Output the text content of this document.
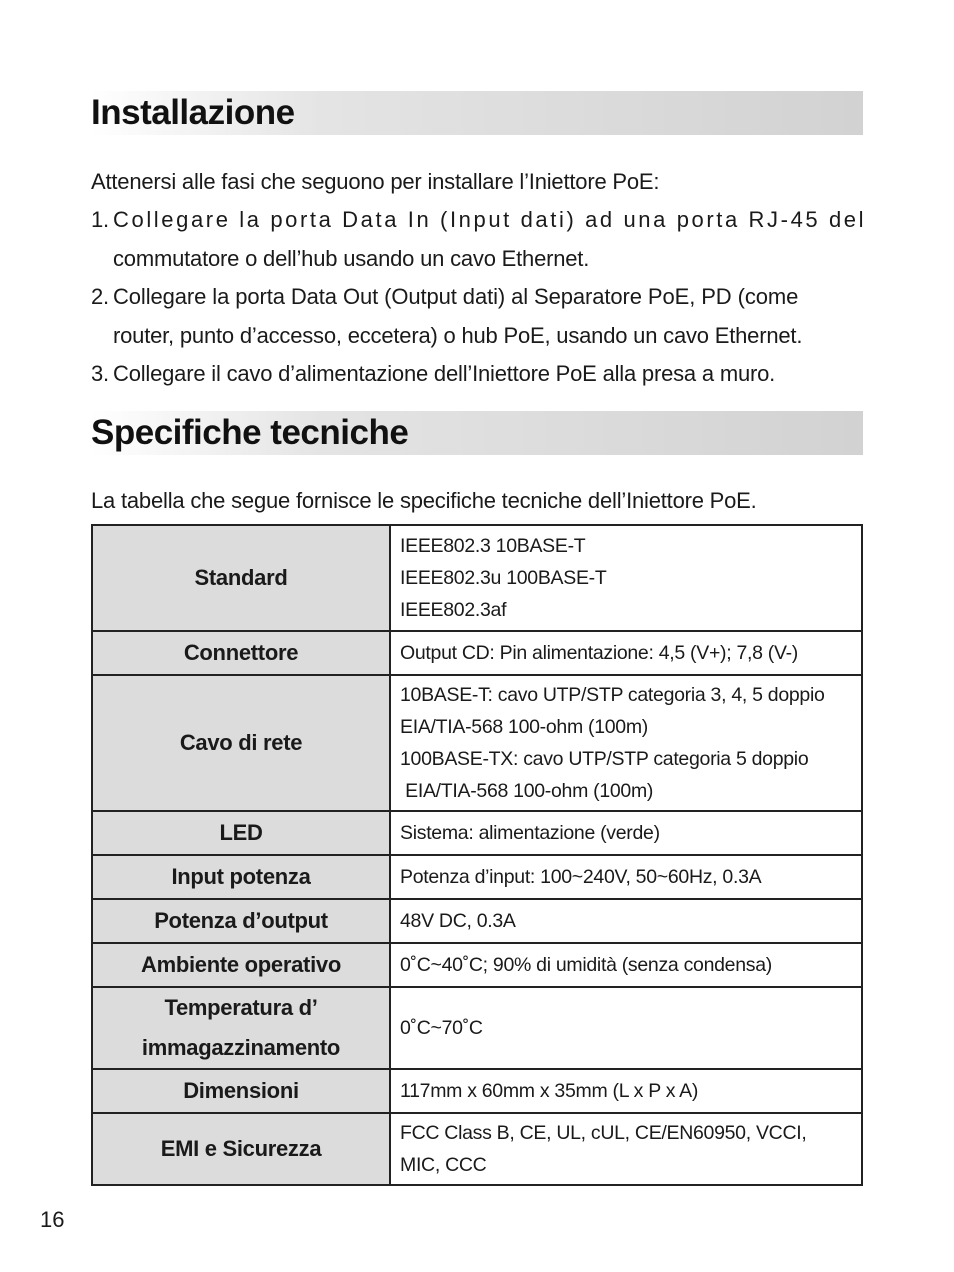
Installazione

Attenersi alle fasi che seguono per installare l’Iniettore PoE:

1. Collegare la porta Data In (Input dati) ad una porta RJ-45 del
commutatore o dell’hub usando un cavo Ethernet.
2. Collegare la porta Data Out (Output dati) al Separatore PoE, PD (come
router, punto d’accesso, eccetera) o hub PoE, usando un cavo Ethernet.
3. Collegare il cavo d’alimentazione dell’Iniettore PoE alla presa a muro.
Specifiche tecniche

La tabella che segue fornisce le specifiche tecniche dell’Iniettore PoE.

Standard	IEEE802.3 10BASE-T
IEEE802.3u 100BASE-T
IEEE802.3af

Connettore	Output CD: Pin alimentazione: 4,5 (V+); 7,8 (V-)

Cavo di rete	10BASE-T: cavo UTP/STP categoria 3, 4, 5 doppio
EIA/TIA-568 100-ohm (100m)
100BASE-TX: cavo UTP/STP categoria 5 doppio
EIA/TIA-568 100-ohm (100m)

LED	Sistema: alimentazione (verde)

Input potenza	Potenza d’input: 100~240V, 50~60Hz, 0.3A

Potenza d’output	48V DC, 0.3A

Ambiente operativo	0˚C~40˚C; 90% di umidità (senza condensa)

Temperatura d’
immagazzinamento	0˚C~70˚C

Dimensioni	117mm x 60mm x 35mm (L x P x A)

EMI e Sicurezza	FCC Class B, CE, UL, cUL, CE/EN60950, VCCI,
MIC, CCC

16
